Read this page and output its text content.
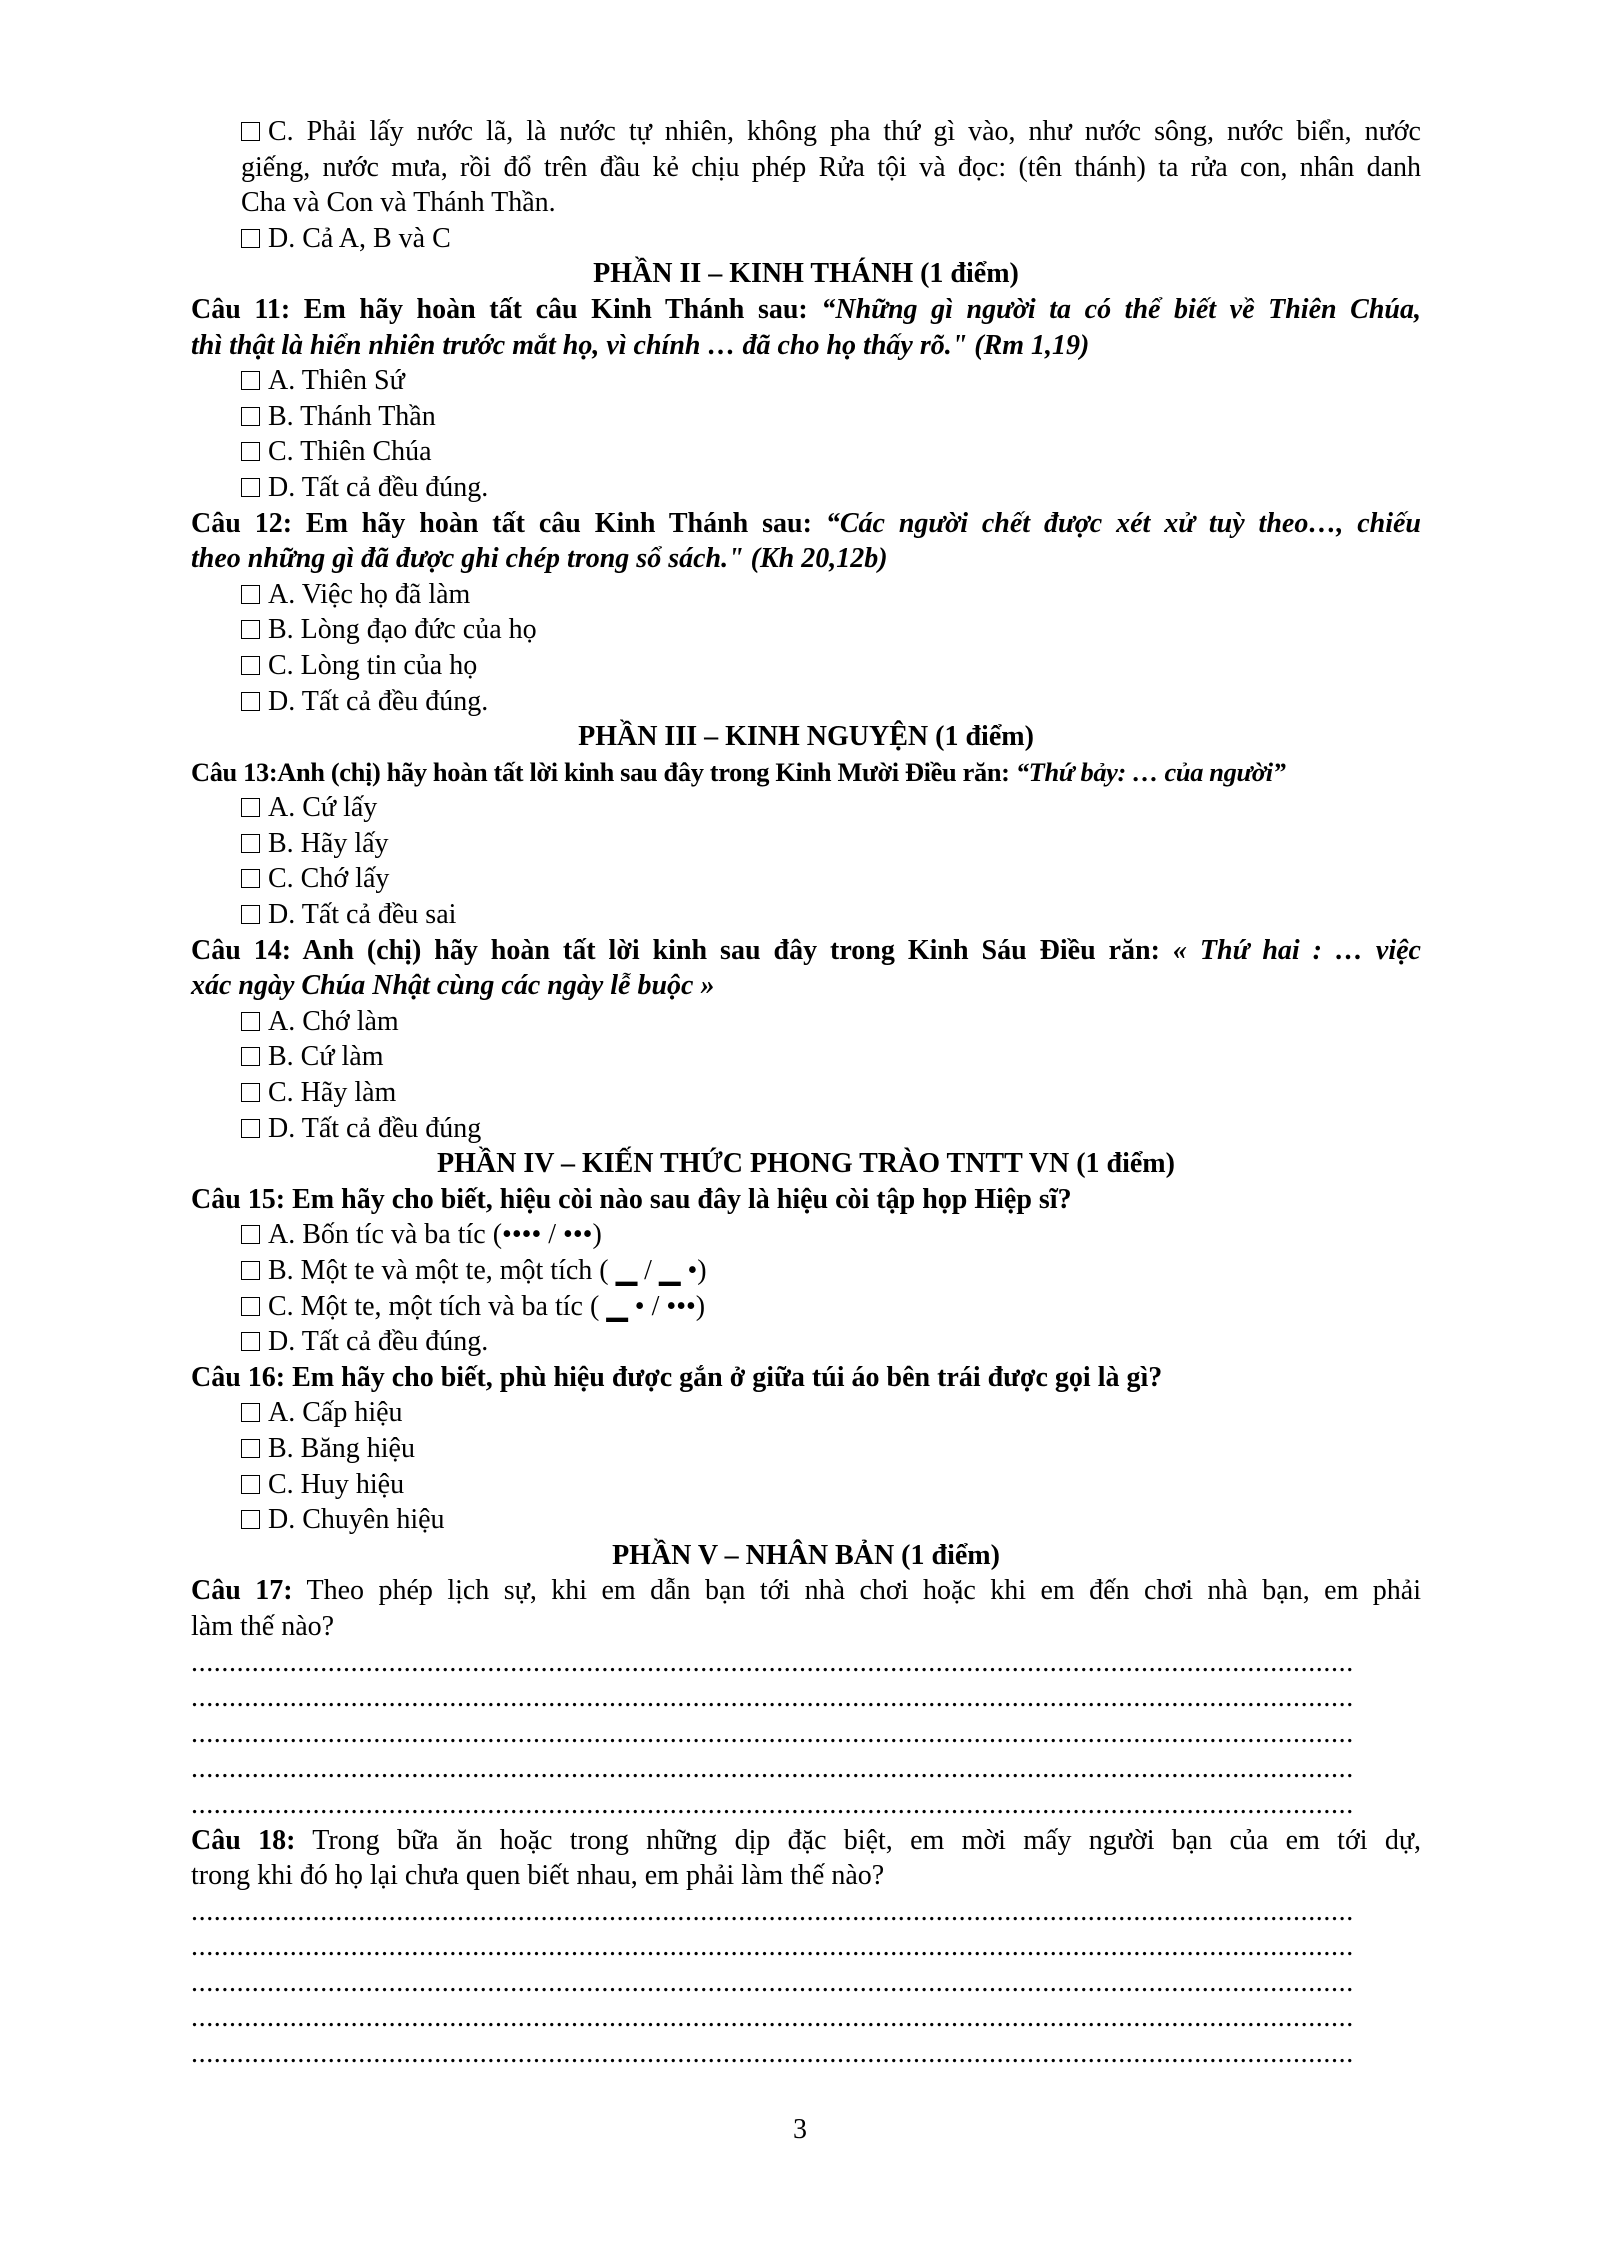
C. Phải lấy nước lã, là nước tự nhiên, không pha thứ gì vào, như nước sông, nước biển, nước
giếng, nước mưa, rồi đổ trên đầu kẻ chịu phép Rửa tội và đọc: (tên thánh) ta rửa con, nhân danh
Cha và Con và Thánh Thần.
D. Cả A, B và C
PHẦN II – KINH THÁNH (1 điểm)
Câu 11: Em hãy hoàn tất câu Kinh Thánh sau: “Những gì người ta có thể biết về Thiên Chúa,
thì thật là hiển nhiên trước mắt họ, vì chính … đã cho họ thấy rõ." (Rm 1,19)
A. Thiên Sứ
B. Thánh Thần
C. Thiên Chúa
D. Tất cả đều đúng.
Câu 12: Em hãy hoàn tất câu Kinh Thánh sau: “Các người chết được xét xử tuỳ theo…, chiếu
theo những gì đã được ghi chép trong sổ sách." (Kh 20,12b)
A. Việc họ đã làm
B. Lòng đạo đức của họ
C. Lòng tin của họ
D. Tất cả đều đúng.
PHẦN III – KINH NGUYỆN (1 điểm)
Câu 13:Anh (chị) hãy hoàn tất lời kinh sau đây trong Kinh Mười Điều răn: “Thứ bảy: … của người”
A. Cứ lấy
B. Hãy lấy
C. Chớ lấy
D. Tất cả đều sai
Câu 14: Anh (chị) hãy hoàn tất lời kinh sau đây trong Kinh Sáu Điều răn: « Thứ hai : … việc
xác ngày Chúa Nhật cùng các ngày lễ buộc »
A. Chớ làm
B. Cứ làm
C. Hãy làm
D. Tất cả đều đúng
PHẦN IV – KIẾN THỨC PHONG TRÀO TNTT VN (1 điểm)
Câu 15: Em hãy cho biết, hiệu còi nào sau đây là hiệu còi tập họp Hiệp sĩ?
A. Bốn tíc và ba tíc (•••• / •••)
B. Một te và một te, một tích ( ▁ / ▁ •)
C. Một te, một tích và ba tíc ( ▁ • / •••)
D. Tất cả đều đúng.
Câu 16: Em hãy cho biết, phù hiệu được gắn ở giữa túi áo bên trái được gọi là gì?
A. Cấp hiệu
B. Băng hiệu
C. Huy hiệu
D. Chuyên hiệu
PHẦN V – NHÂN BẢN (1 điểm)
Câu 17: Theo phép lịch sự, khi em dẫn bạn tới nhà chơi hoặc khi em đến chơi nhà bạn, em phải
làm thế nào?
.........................................................................................................................................................
.........................................................................................................................................................
.........................................................................................................................................................
.........................................................................................................................................................
.........................................................................................................................................................
Câu 18: Trong bữa ăn hoặc trong những dịp đặc biệt, em mời mấy người bạn của em tới dự,
trong khi đó họ lại chưa quen biết nhau, em phải làm thế nào?
.........................................................................................................................................................
.........................................................................................................................................................
.........................................................................................................................................................
.........................................................................................................................................................
.........................................................................................................................................................
3
